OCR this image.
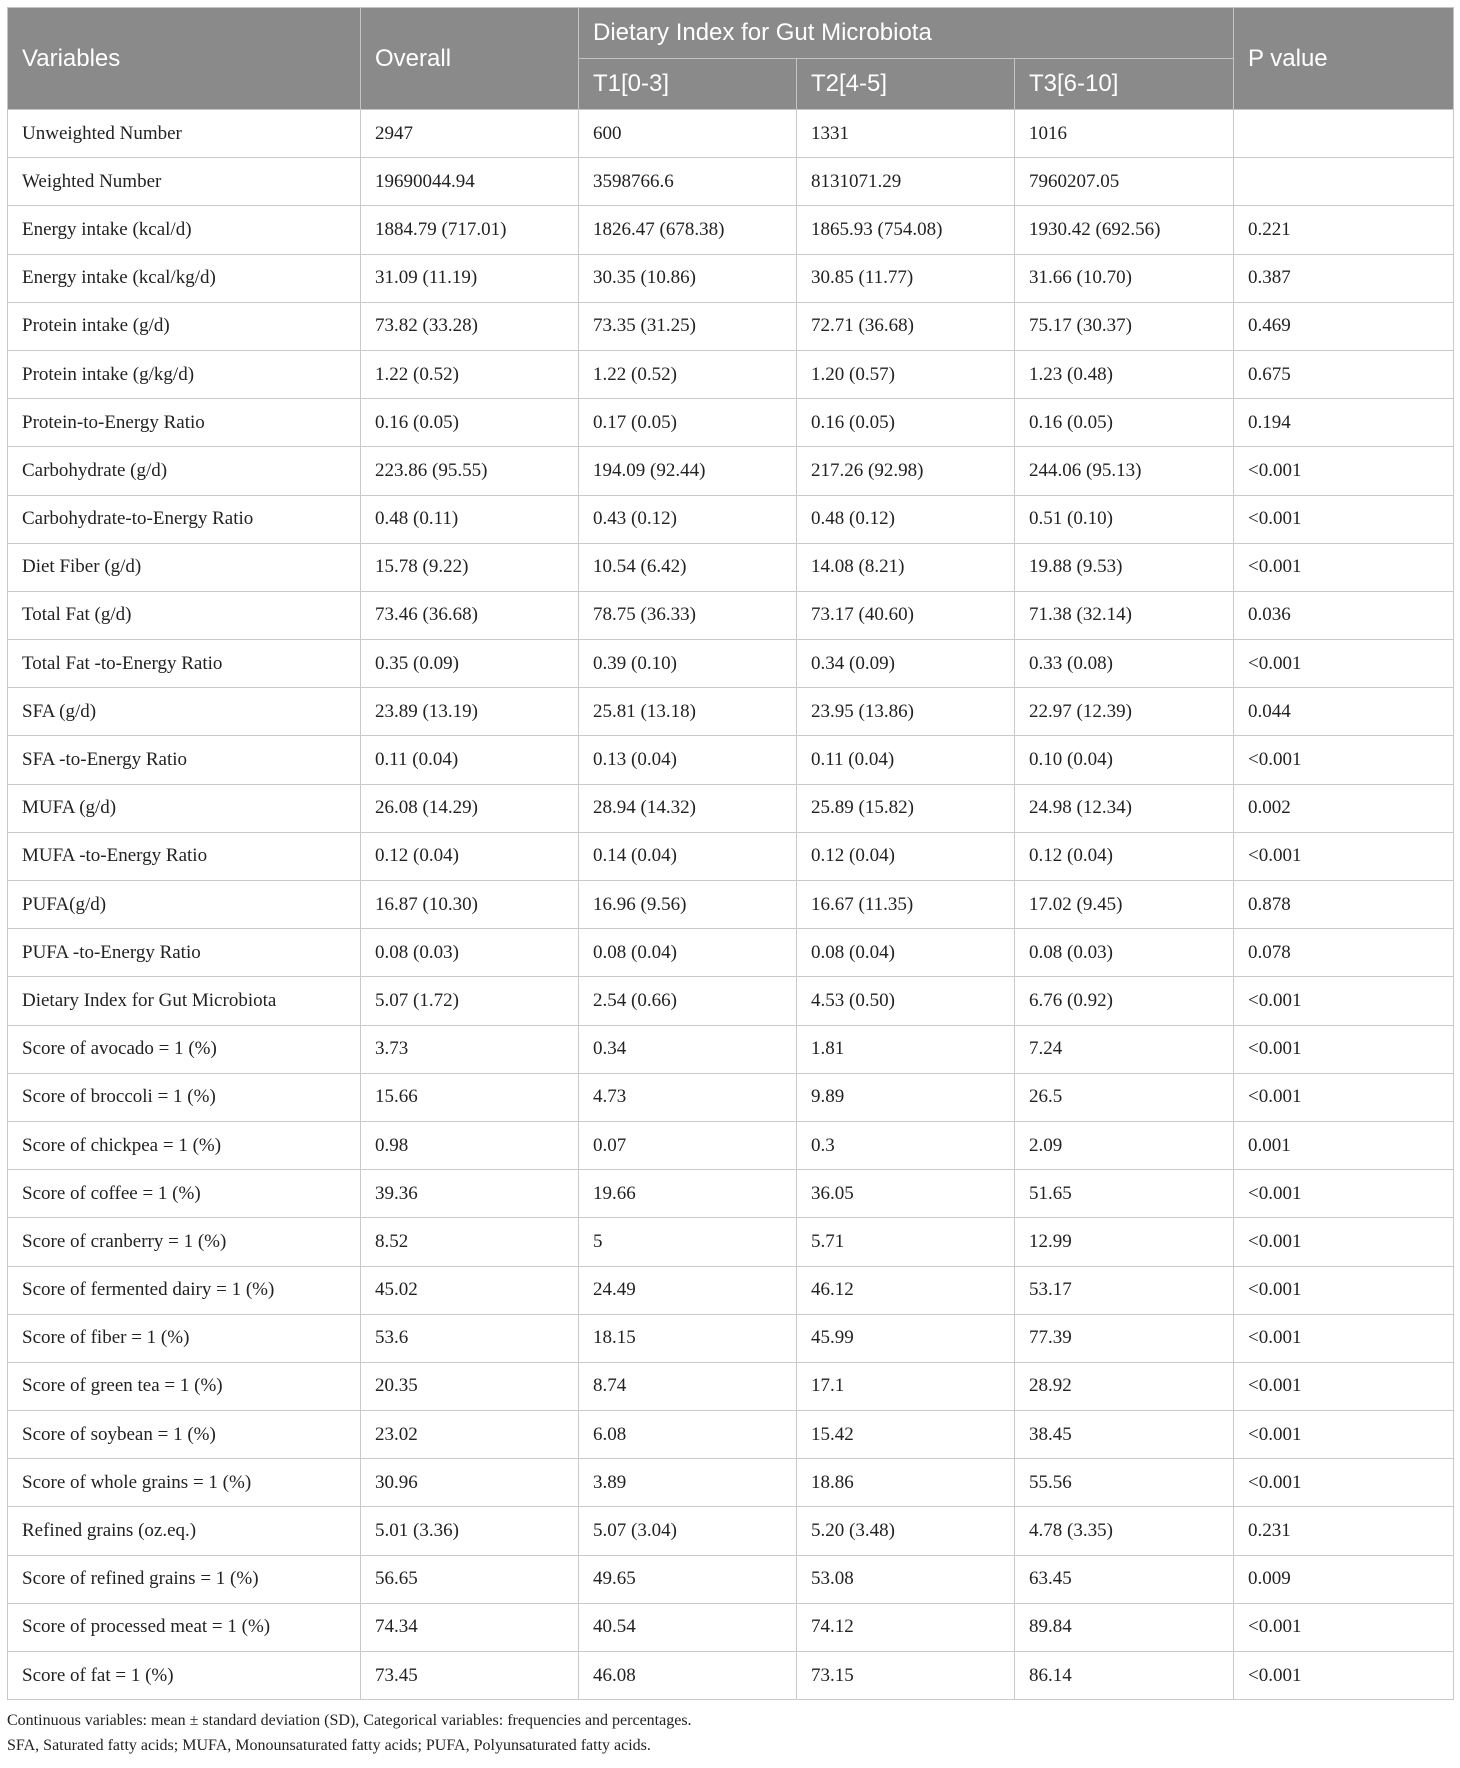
Variables	Overall	Dietary Index for Gut Microbiota			P value
		T1[0-3]	T2[4-5]	T3[6-10]	
Unweighted Number	2947	600	1331	1016	
Weighted Number	19690044.94	3598766.6	8131071.29	7960207.05	
Energy intake (kcal/d)	1884.79 (717.01)	1826.47 (678.38)	1865.93 (754.08)	1930.42 (692.56)	0.221
Energy intake (kcal/kg/d)	31.09 (11.19)	30.35 (10.86)	30.85 (11.77)	31.66 (10.70)	0.387
Protein intake (g/d)	73.82 (33.28)	73.35 (31.25)	72.71 (36.68)	75.17 (30.37)	0.469
Protein intake (g/kg/d)	1.22 (0.52)	1.22 (0.52)	1.20 (0.57)	1.23 (0.48)	0.675
Protein-to-Energy Ratio	0.16 (0.05)	0.17 (0.05)	0.16 (0.05)	0.16 (0.05)	0.194
Carbohydrate (g/d)	223.86 (95.55)	194.09 (92.44)	217.26 (92.98)	244.06 (95.13)	<0.001
Carbohydrate-to-Energy Ratio	0.48 (0.11)	0.43 (0.12)	0.48 (0.12)	0.51 (0.10)	<0.001
Diet Fiber (g/d)	15.78 (9.22)	10.54 (6.42)	14.08 (8.21)	19.88 (9.53)	<0.001
Total Fat (g/d)	73.46 (36.68)	78.75 (36.33)	73.17 (40.60)	71.38 (32.14)	0.036
Total Fat -to-Energy Ratio	0.35 (0.09)	0.39 (0.10)	0.34 (0.09)	0.33 (0.08)	<0.001
SFA (g/d)	23.89 (13.19)	25.81 (13.18)	23.95 (13.86)	22.97 (12.39)	0.044
SFA -to-Energy Ratio	0.11 (0.04)	0.13 (0.04)	0.11 (0.04)	0.10 (0.04)	<0.001
MUFA (g/d)	26.08 (14.29)	28.94 (14.32)	25.89 (15.82)	24.98 (12.34)	0.002
MUFA -to-Energy Ratio	0.12 (0.04)	0.14 (0.04)	0.12 (0.04)	0.12 (0.04)	<0.001
PUFA(g/d)	16.87 (10.30)	16.96 (9.56)	16.67 (11.35)	17.02 (9.45)	0.878
PUFA -to-Energy Ratio	0.08 (0.03)	0.08 (0.04)	0.08 (0.04)	0.08 (0.03)	0.078
Dietary Index for Gut Microbiota	5.07 (1.72)	2.54 (0.66)	4.53 (0.50)	6.76 (0.92)	<0.001
Score of avocado = 1 (%)	3.73	0.34	1.81	7.24	<0.001
Score of broccoli = 1 (%)	15.66	4.73	9.89	26.5	<0.001
Score of chickpea = 1 (%)	0.98	0.07	0.3	2.09	0.001
Score of coffee = 1 (%)	39.36	19.66	36.05	51.65	<0.001
Score of cranberry = 1 (%)	8.52	5	5.71	12.99	<0.001
Score of fermented dairy = 1 (%)	45.02	24.49	46.12	53.17	<0.001
Score of fiber = 1 (%)	53.6	18.15	45.99	77.39	<0.001
Score of green tea = 1 (%)	20.35	8.74	17.1	28.92	<0.001
Score of soybean = 1 (%)	23.02	6.08	15.42	38.45	<0.001
Score of whole grains = 1 (%)	30.96	3.89	18.86	55.56	<0.001
Refined grains (oz.eq.)	5.01 (3.36)	5.07 (3.04)	5.20 (3.48)	4.78 (3.35)	0.231
Score of refined grains = 1 (%)	56.65	49.65	53.08	63.45	0.009
Score of processed meat = 1 (%)	74.34	40.54	74.12	89.84	<0.001
Score of fat = 1 (%)	73.45	46.08	73.15	86.14	<0.001
Continuous variables: mean ± standard deviation (SD), Categorical variables: frequencies and percentages.
SFA, Saturated fatty acids; MUFA, Monounsaturated fatty acids; PUFA, Polyunsaturated fatty acids.
